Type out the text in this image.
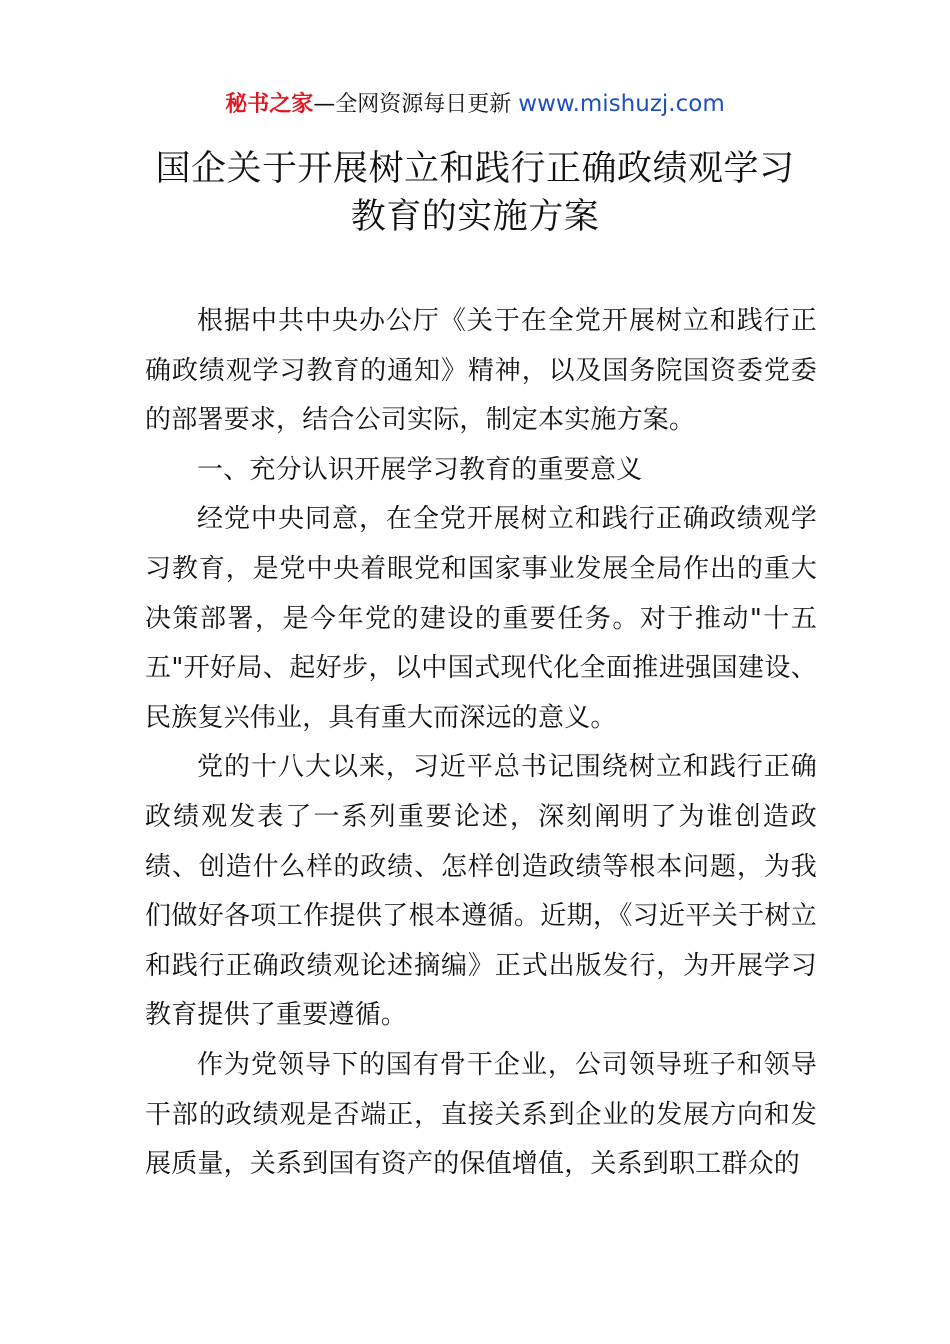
秘书之家—全网资源每日更新 www.mishuzj.com
国企关于开展树立和践行正确政绩观学习
教育的实施方案

根据中共中央办公厅《关于在全党开展树立和践行正确政绩观学习教育的通知》精神，以及国务院国资委党委的部署要求，结合公司实际，制定本实施方案。

一、充分认识开展学习教育的重要意义

经党中央同意，在全党开展树立和践行正确政绩观学习教育，是党中央着眼党和国家事业发展全局作出的重大决策部署，是今年党的建设的重要任务。对于推动"十五五"开好局、起好步，以中国式现代化全面推进强国建设、民族复兴伟业，具有重大而深远的意义。

党的十八大以来，习近平总书记围绕树立和践行正确政绩观发表了一系列重要论述，深刻阐明了为谁创造政绩、创造什么样的政绩、怎样创造政绩等根本问题，为我们做好各项工作提供了根本遵循。近期，《习近平关于树立和践行正确政绩观论述摘编》正式出版发行，为开展学习教育提供了重要遵循。

作为党领导下的国有骨干企业，公司领导班子和领导干部的政绩观是否端正，直接关系到企业的发展方向和发展质量，关系到国有资产的保值增值，关系到职工群众的
